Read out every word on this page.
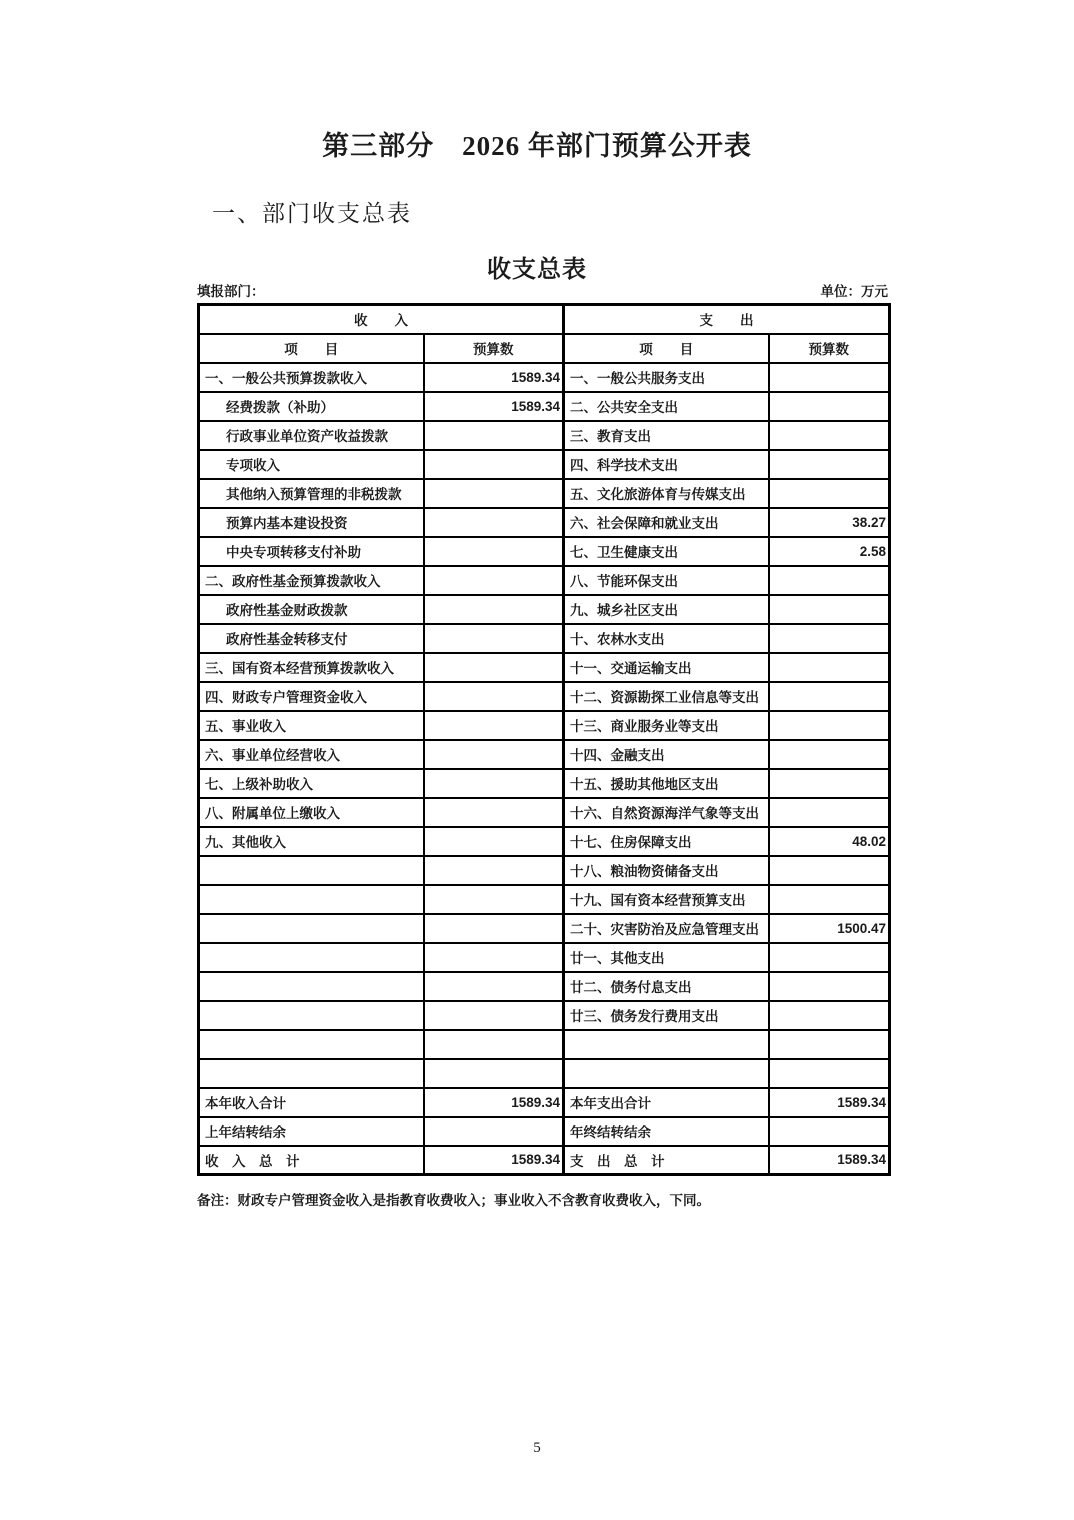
第三部分　2026 年部门预算公开表
一、部门收支总表
收支总表
填报部门：	单位：万元
收　　入		支　　出	
项　　目	预算数	项　　目	预算数
一、一般公共预算拨款收入	1589.34	一、一般公共服务支出	
经费拨款（补助）	1589.34	二、公共安全支出	
行政事业单位资产收益拨款		三、教育支出	
专项收入		四、科学技术支出	
其他纳入预算管理的非税拨款		五、文化旅游体育与传媒支出	
预算内基本建设投资		六、社会保障和就业支出	38.27
中央专项转移支付补助		七、卫生健康支出	2.58
二、政府性基金预算拨款收入		八、节能环保支出	
政府性基金财政拨款		九、城乡社区支出	
政府性基金转移支付		十、农林水支出	
三、国有资本经营预算拨款收入		十一、交通运输支出	
四、财政专户管理资金收入		十二、资源勘探工业信息等支出	
五、事业收入		十三、商业服务业等支出	
六、事业单位经营收入		十四、金融支出	
七、上级补助收入		十五、援助其他地区支出	
八、附属单位上缴收入		十六、自然资源海洋气象等支出	
九、其他收入		十七、住房保障支出	48.02
		十八、粮油物资储备支出	
		十九、国有资本经营预算支出	
		二十、灾害防治及应急管理支出	1500.47
		廿一、其他支出	
		廿二、债务付息支出	
		廿三、债务发行费用支出	

本年收入合计	1589.34	本年支出合计	1589.34
上年结转结余		年终结转结余	
收　入　总　计	1589.34	支　出　总　计	1589.34
备注：财政专户管理资金收入是指教育收费收入；事业收入不含教育收费收入，下同。
5
